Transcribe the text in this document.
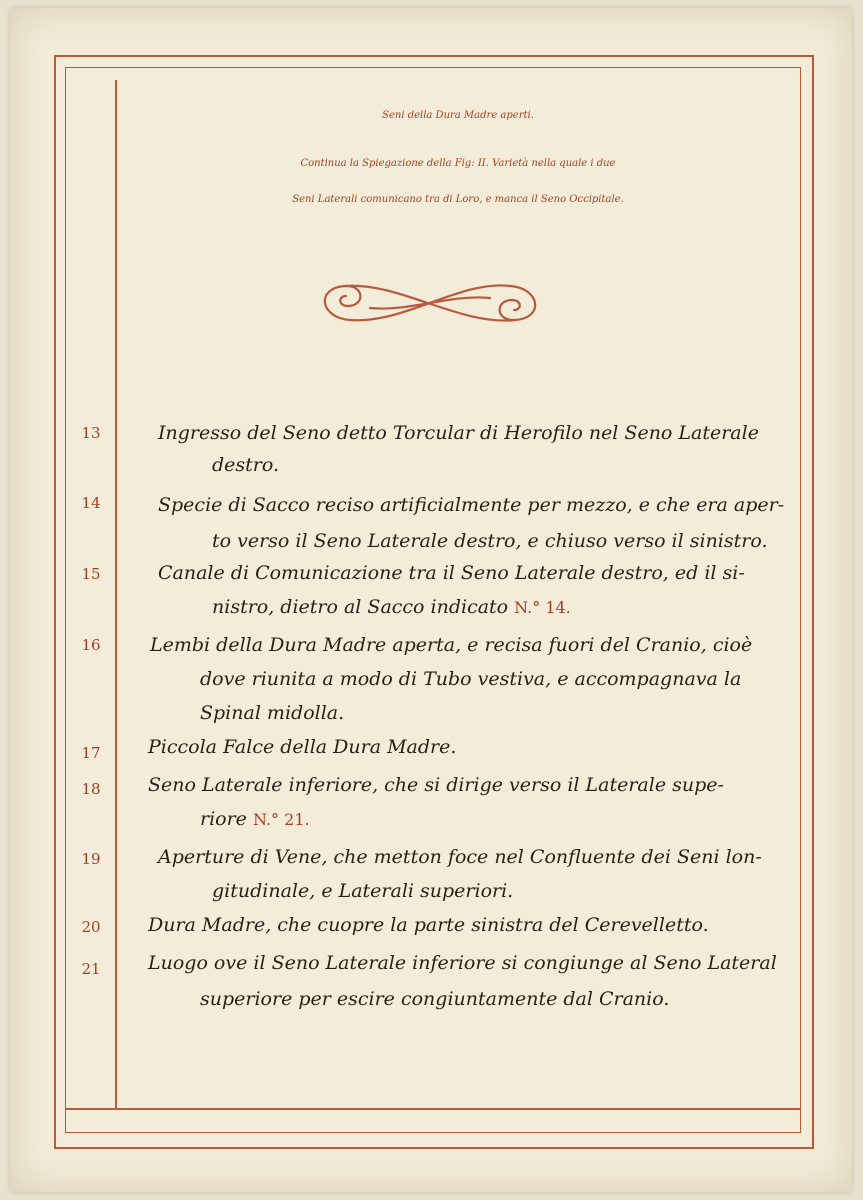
Seni della Dura Madre aperti.
Continua la Spiegazione della Fig: II. Varietà nella quale i due
Seni Laterali comunicano tra di Loro, e manca il Seno Occipitale.
13	Ingresso del Seno detto Torcular di Herofilo nel Seno Laterale
destro.
14	Specie di Sacco reciso artificialmente per mezzo, e che era aper-
to verso il Seno Laterale destro, e chiuso verso il sinistro.
15	Canale di Comunicazione tra il Seno Laterale destro, ed il si-
nistro, dietro al Sacco indicato N.° 14.
16	Lembi della Dura Madre aperta, e recisa fuori del Cranio, cioè
dove riunita a modo di Tubo vestiva, e accompagnava la
Spinal midolla.
17	Piccola Falce della Dura Madre.
18	Seno Laterale inferiore, che si dirige verso il Laterale supe-
riore N.° 21.
19	Aperture di Vene, che metton foce nel Confluente dei Seni lon-
gitudinale, e Laterali superiori.
20	Dura Madre, che cuopre la parte sinistra del Cerevelletto.
21	Luogo ove il Seno Laterale inferiore si congiunge al Seno Lateral
superiore per escire congiuntamente dal Cranio.
